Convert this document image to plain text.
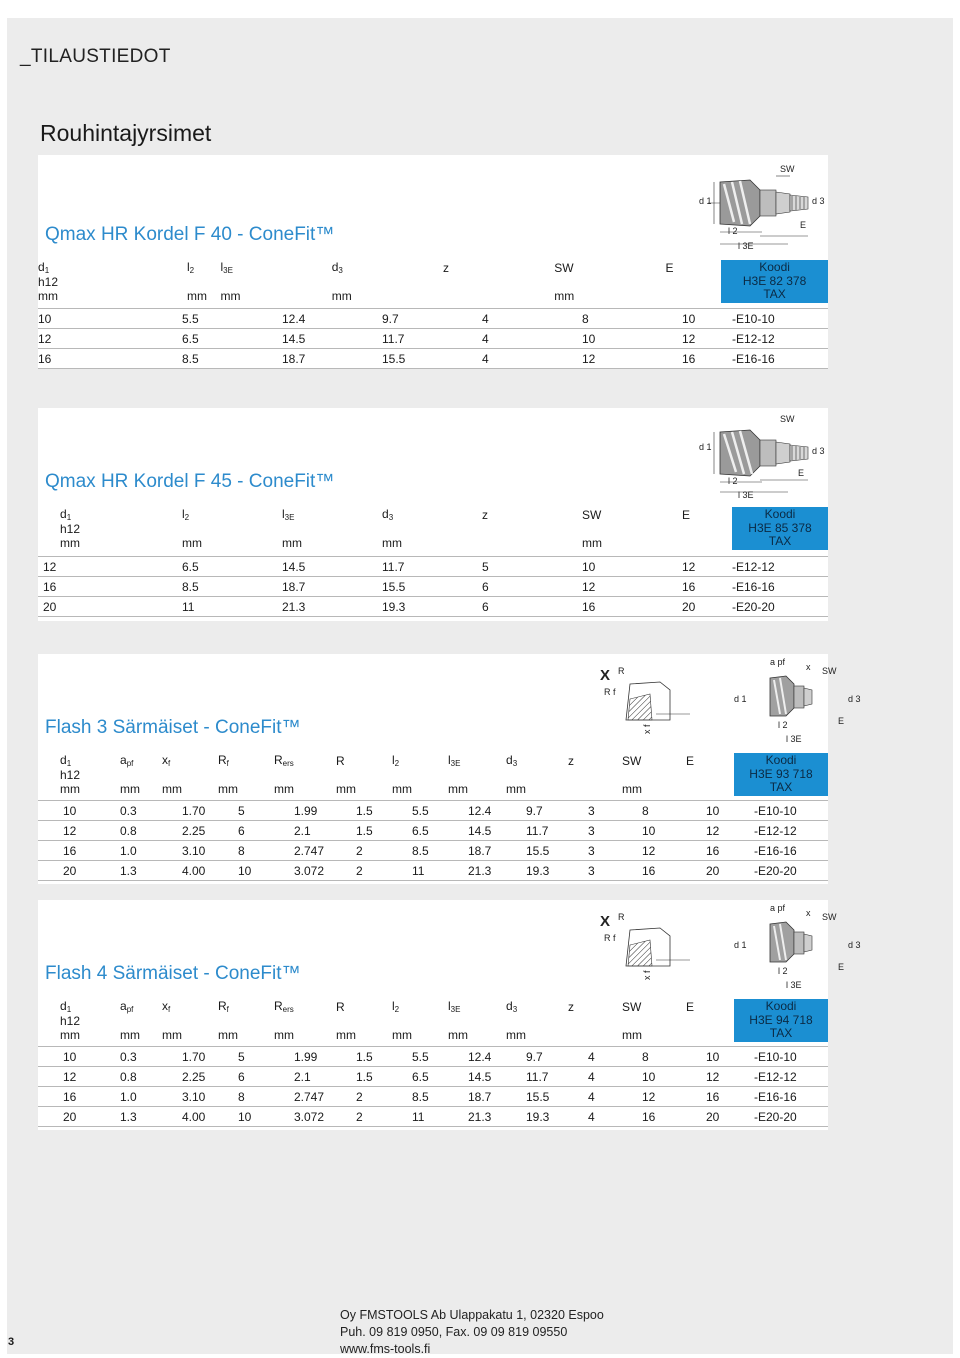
_TILAUSTIEDOT
Rouhintajyrsimet
Qmax HR Kordel F 40 - ConeFit™
d 1	d 3
SW
E
l 2
l 3E
$d_1$	$l_2$	$l_{3E}$	$d_3$	z	SW	E	Koodi
H3E 82 378
TAX
h12							
mm	mm	mm	mm		mm		
10	5.5	12.4	9.7	4	8	10	-E10-10
12	6.5	14.5	11.7	4	10	12	-E12-12
16	8.5	18.7	15.5	4	12	16	-E16-16
Qmax HR Kordel F 45 - ConeFit™
d 1	d 3
SW
E
l 2
l 3E
$d_1$	$l_2$	$l_{3E}$	$d_3$	z	SW	E	Koodi
H3E 85 378
TAX
h12							
mm	mm	mm	mm		mm		
12	6.5	14.5	11.7	5	10	12	-E12-12
16	8.5	18.7	15.5	6	12	16	-E16-16
20	11	21.3	19.3	6	16	20	-E20-20
Flash 3 Särmäiset - ConeFit™
X R
R f
x f
a pf x SW
d 1	d 3
E
l 2
l 3E
$d_1$	$a_{pf}$	$x_f$	$R_f$	$R_{ers}$	R	$l_2$	$l_{3E}$	$d_3$	z	SW	E	Koodi
H3E 93 718
TAX
h12												
mm	mm	mm	mm	mm	mm	mm	mm	mm		mm		
10	0.3	1.70	5	1.99	1.5	5.5	12.4	9.7	3	8	10	-E10-10
12	0.8	2.25	6	2.1	1.5	6.5	14.5	11.7	3	10	12	-E12-12
16	1.0	3.10	8	2.747	2	8.5	18.7	15.5	3	12	16	-E16-16
20	1.3	4.00	10	3.072	2	11	21.3	19.3	3	16	20	-E20-20
Flash 4 Särmäiset - ConeFit™
X R
R f
x f
a pf x SW
d 1	d 3
E
l 2
l 3E
$d_1$	$a_{pf}$	$x_f$	$R_f$	$R_{ers}$	R	$l_2$	$l_{3E}$	$d_3$	z	SW	E	Koodi
H3E 94 718
TAX
h12												
mm	mm	mm	mm	mm	mm	mm	mm	mm		mm		
10	0.3	1.70	5	1.99	1.5	5.5	12.4	9.7	4	8	10	-E10-10
12	0.8	2.25	6	2.1	1.5	6.5	14.5	11.7	4	10	12	-E12-12
16	1.0	3.10	8	2.747	2	8.5	18.7	15.5	4	12	16	-E16-16
20	1.3	4.00	10	3.072	2	11	21.3	19.3	4	16	20	-E20-20
Oy FMSTOOLS Ab Ulappakatu 1, 02320 Espoo
Puh. 09 819 0950, Fax. 09 09 819 09550
www.fms-tools.fi
3
